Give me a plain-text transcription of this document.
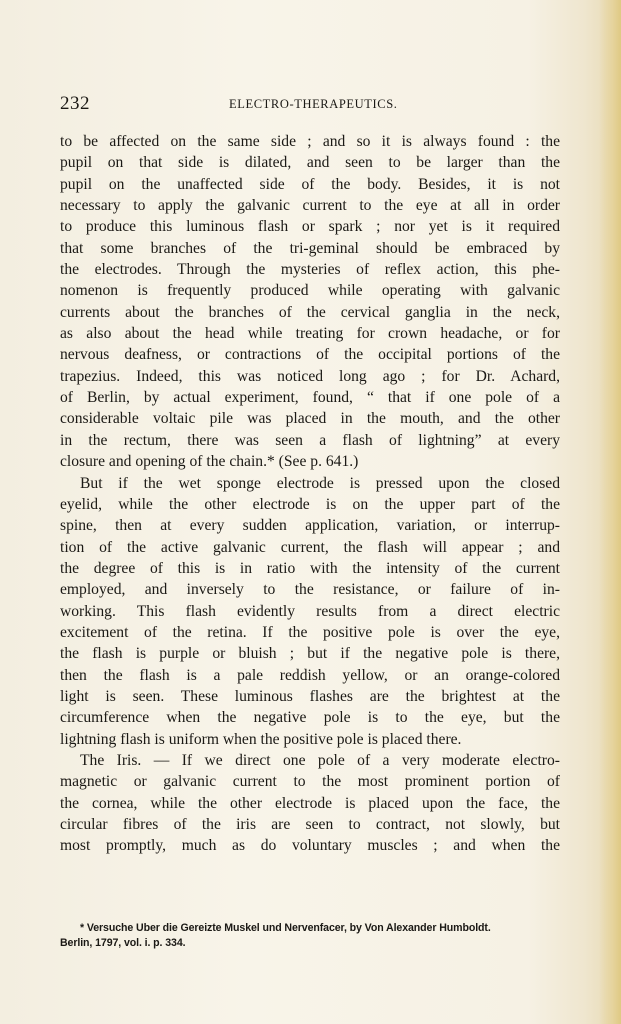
232	ELECTRO-THERAPEUTICS.
to be affected on the same side ; and so it is always found : the
pupil on that side is dilated, and seen to be larger than the
pupil on the unaffected side of the body. Besides, it is not
necessary to apply the galvanic current to the eye at all in order
to produce this luminous flash or spark ; nor yet is it required
that some branches of the tri-geminal should be embraced by
the electrodes. Through the mysteries of reflex action, this phe-
nomenon is frequently produced while operating with galvanic
currents about the branches of the cervical ganglia in the neck,
as also about the head while treating for crown headache, or for
nervous deafness, or contractions of the occipital portions of the
trapezius. Indeed, this was noticed long ago ; for Dr. Achard,
of Berlin, by actual experiment, found, “ that if one pole of a
considerable voltaic pile was placed in the mouth, and the other
in the rectum, there was seen a flash of lightning” at every
closure and opening of the chain.* (See p. 641.)
But if the wet sponge electrode is pressed upon the closed
eyelid, while the other electrode is on the upper part of the
spine, then at every sudden application, variation, or interrup-
tion of the active galvanic current, the flash will appear ; and
the degree of this is in ratio with the intensity of the current
employed, and inversely to the resistance, or failure of in-
working. This flash evidently results from a direct electric
excitement of the retina. If the positive pole is over the eye,
the flash is purple or bluish ; but if the negative pole is there,
then the flash is a pale reddish yellow, or an orange-colored
light is seen. These luminous flashes are the brightest at the
circumference when the negative pole is to the eye, but the
lightning flash is uniform when the positive pole is placed there.
The Iris. — If we direct one pole of a very moderate electro-
magnetic or galvanic current to the most prominent portion of
the cornea, while the other electrode is placed upon the face, the
circular fibres of the iris are seen to contract, not slowly, but
most promptly, much as do voluntary muscles ; and when the
* Versuche Uber die Gereizte Muskel und Nervenfacer, by Von Alexander Humboldt.
Berlin, 1797, vol. i. p. 334.
